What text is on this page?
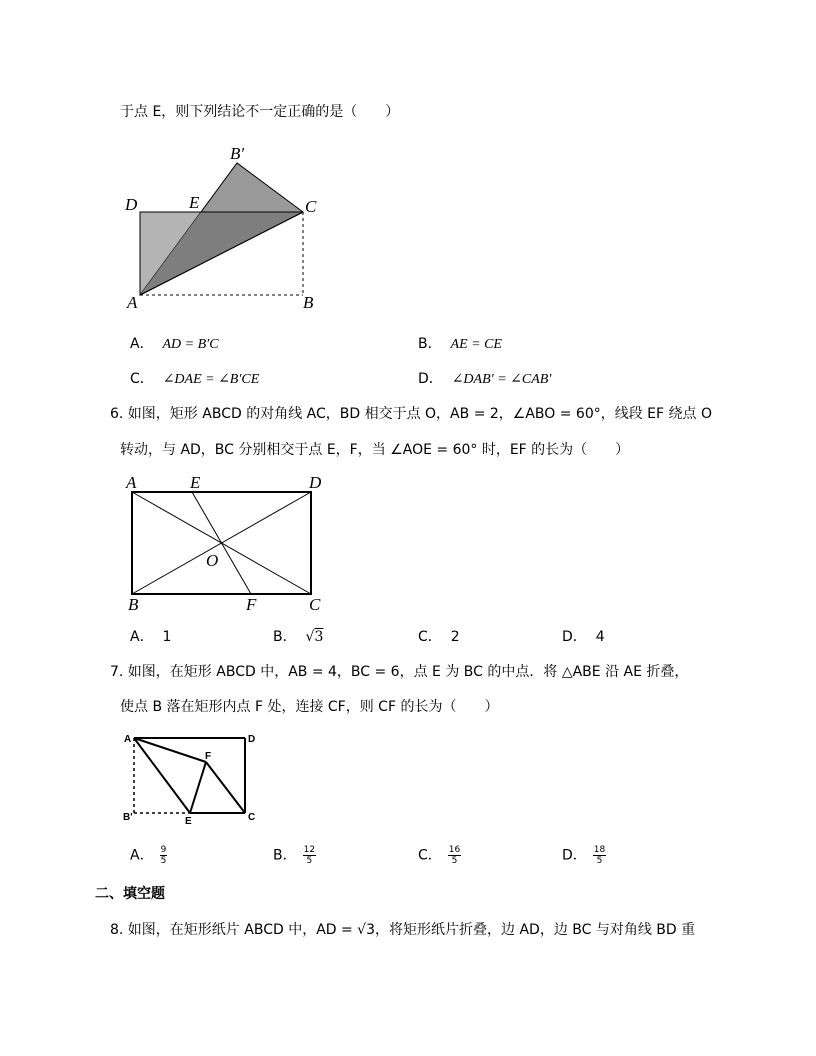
于点 E，则下列结论不一定正确的是（　　）
A	B
C
D	E
B′
A． AD = B′C	B． AE = CE
C． ∠DAE = ∠B′CE	D． ∠DAB′ = ∠CAB′
6. 如图，矩形 ABCD 的对角线 AC，BD 相交于点 O，AB = 2，∠ABO = 60°，线段 EF 绕点 O
转动，与 AD，BC 分别相交于点 E，F，当 ∠AOE = 60° 时，EF 的长为（　　）
A	D
B	C
E
F
O
A． 1	B． √3	C． 2	D． 4
7. 如图，在矩形 ABCD 中，AB = 4，BC = 6，点 E 为 BC 的中点．将 △ABE 沿 AE 折叠，
使点 B 落在矩形内点 F 处，连接 CF，则 CF 的长为（　　）
A	D
B'	C
E
F
A． $\frac{9}{5}$	B． $\frac{12}{5}$	C． $\frac{16}{5}$	D． $\frac{18}{5}$
二、填空题
8. 如图，在矩形纸片 ABCD 中，AD = √3，将矩形纸片折叠，边 AD，边 BC 与对角线 BD 重
